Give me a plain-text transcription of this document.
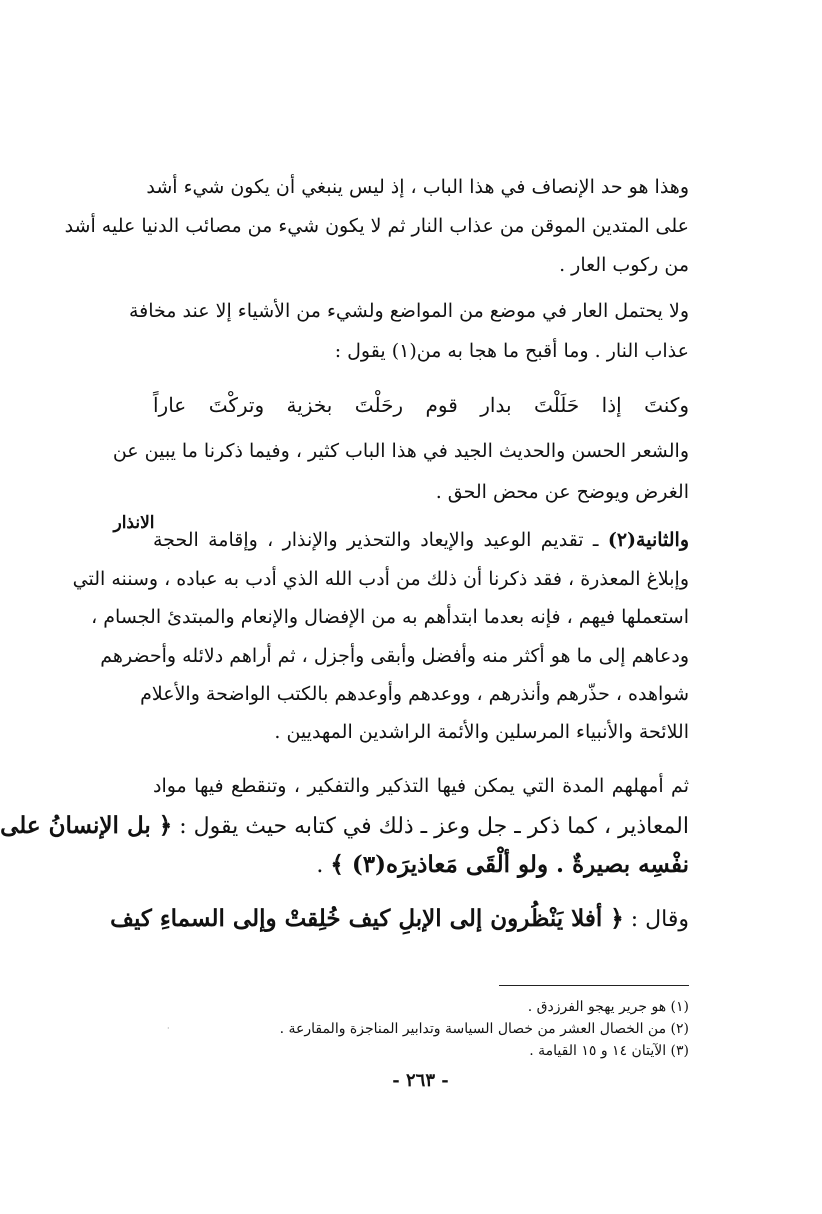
وهذا هو حد الإنصاف في هذا الباب ، إذ ليس ينبغي أن يكون شيء أشد
على المتدين الموقن من عذاب النار ثم لا يكون شيء من مصائب الدنيا عليه أشد
من ركوب العار .
ولا يحتمل العار في موضع من المواضع ولشيء من الأشياء إلا عند مخافة
عذاب النار . وما أقبح ما هجا به من(١) يقول :
وكنتَ إذا حَلَلْتَ بدار قوم رحَلْتَ بخزية وتركْتَ عاراً
والشعر الحسن والحديث الجيد في هذا الباب كثير ، وفيما ذكرنا ما يبين عن
الغرض ويوضح عن محض الحق .
الانذار
والثانية(٢) ـ تقديم الوعيد والإيعاد والتحذير والإنذار ، وإقامة الحجة
وإبلاغ المعذرة ، فقد ذكرنا أن ذلك من أدب الله الذي أدب به عباده ، وسننه التي
استعملها فيهم ، فإنه بعدما ابتدأهم به من الإفضال والإنعام والمبتدئ الجسام ،
ودعاهم إلى ما هو أكثر منه وأفضل وأبقى وأجزل ، ثم أراهم دلائله وأحضرهم
شواهده ، حذّرهم وأنذرهم ، ووعدهم وأوعدهم بالكتب الواضحة والأعلام
اللائحة والأنبياء المرسلين والأئمة الراشدين المهديين .
ثم أمهلهم المدة التي يمكن فيها التذكير والتفكير ، وتنقطع فيها مواد
المعاذير ، كما ذكر ـ جل وعز ـ ذلك في كتابه حيث يقول : ﴿ بل الإنسانُ على
نفْسِه بصيرةٌ . ولو ألْقَى مَعاذيرَه(٣) ﴾ .
وقال : ﴿ أفلا يَنْظُرون إلى الإبلِ كيف خُلِقتْ وإلى السماءِ كيف
(١) هو جرير يهجو الفرزدق .
(٢) من الخصال العشر من خصال السياسة وتدابير المناجزة والمقارعة .
(٣) الآيتان ١٤ و ١٥ القيامة .
·
- ٢٦٣ -
